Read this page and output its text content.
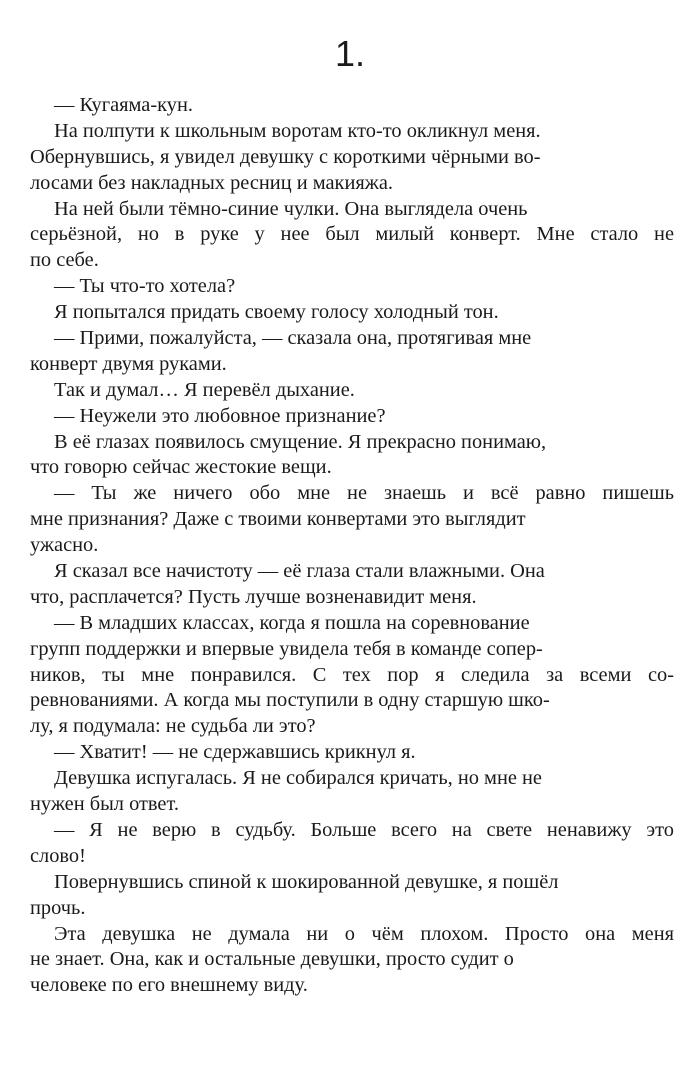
1.
— Кугаяма-кун.
На полпути к школьным воротам кто-то окликнул меня.
Обернувшись, я увидел девушку с короткими чёрными во-
лосами без накладных ресниц и макияжа.
На ней были тёмно-синие чулки. Она выглядела очень
серьёзной, но в руке у нее был милый конверт. Мне стало не
по себе.
— Ты что-то хотела?
Я попытался придать своему голосу холодный тон.
— Прими, пожалуйста, — сказала она, протягивая мне
конверт двумя руками.
Так и думал… Я перевёл дыхание.
— Неужели это любовное признание?
В её глазах появилось смущение. Я прекрасно понимаю,
что говорю сейчас жестокие вещи.
— Ты же ничего обо мне не знаешь и всё равно пишешь
мне признания? Даже с твоими конвертами это выглядит
ужасно.
Я сказал все начистоту — её глаза стали влажными. Она
что, расплачется? Пусть лучше возненавидит меня.
— В младших классах, когда я пошла на соревнование
групп поддержки и впервые увидела тебя в команде сопер-
ников, ты мне понравился. С тех пор я следила за всеми со-
ревнованиями. А когда мы поступили в одну старшую шко-
лу, я подумала: не судьба ли это?
— Хватит! — не сдержавшись крикнул я.
Девушка испугалась. Я не собирался кричать, но мне не
нужен был ответ.
— Я не верю в судьбу. Больше всего на свете ненавижу это
слово!
Повернувшись спиной к шокированной девушке, я пошёл
прочь.
Эта девушка не думала ни о чём плохом. Просто она меня
не знает. Она, как и остальные девушки, просто судит о
человеке по его внешнему виду.
